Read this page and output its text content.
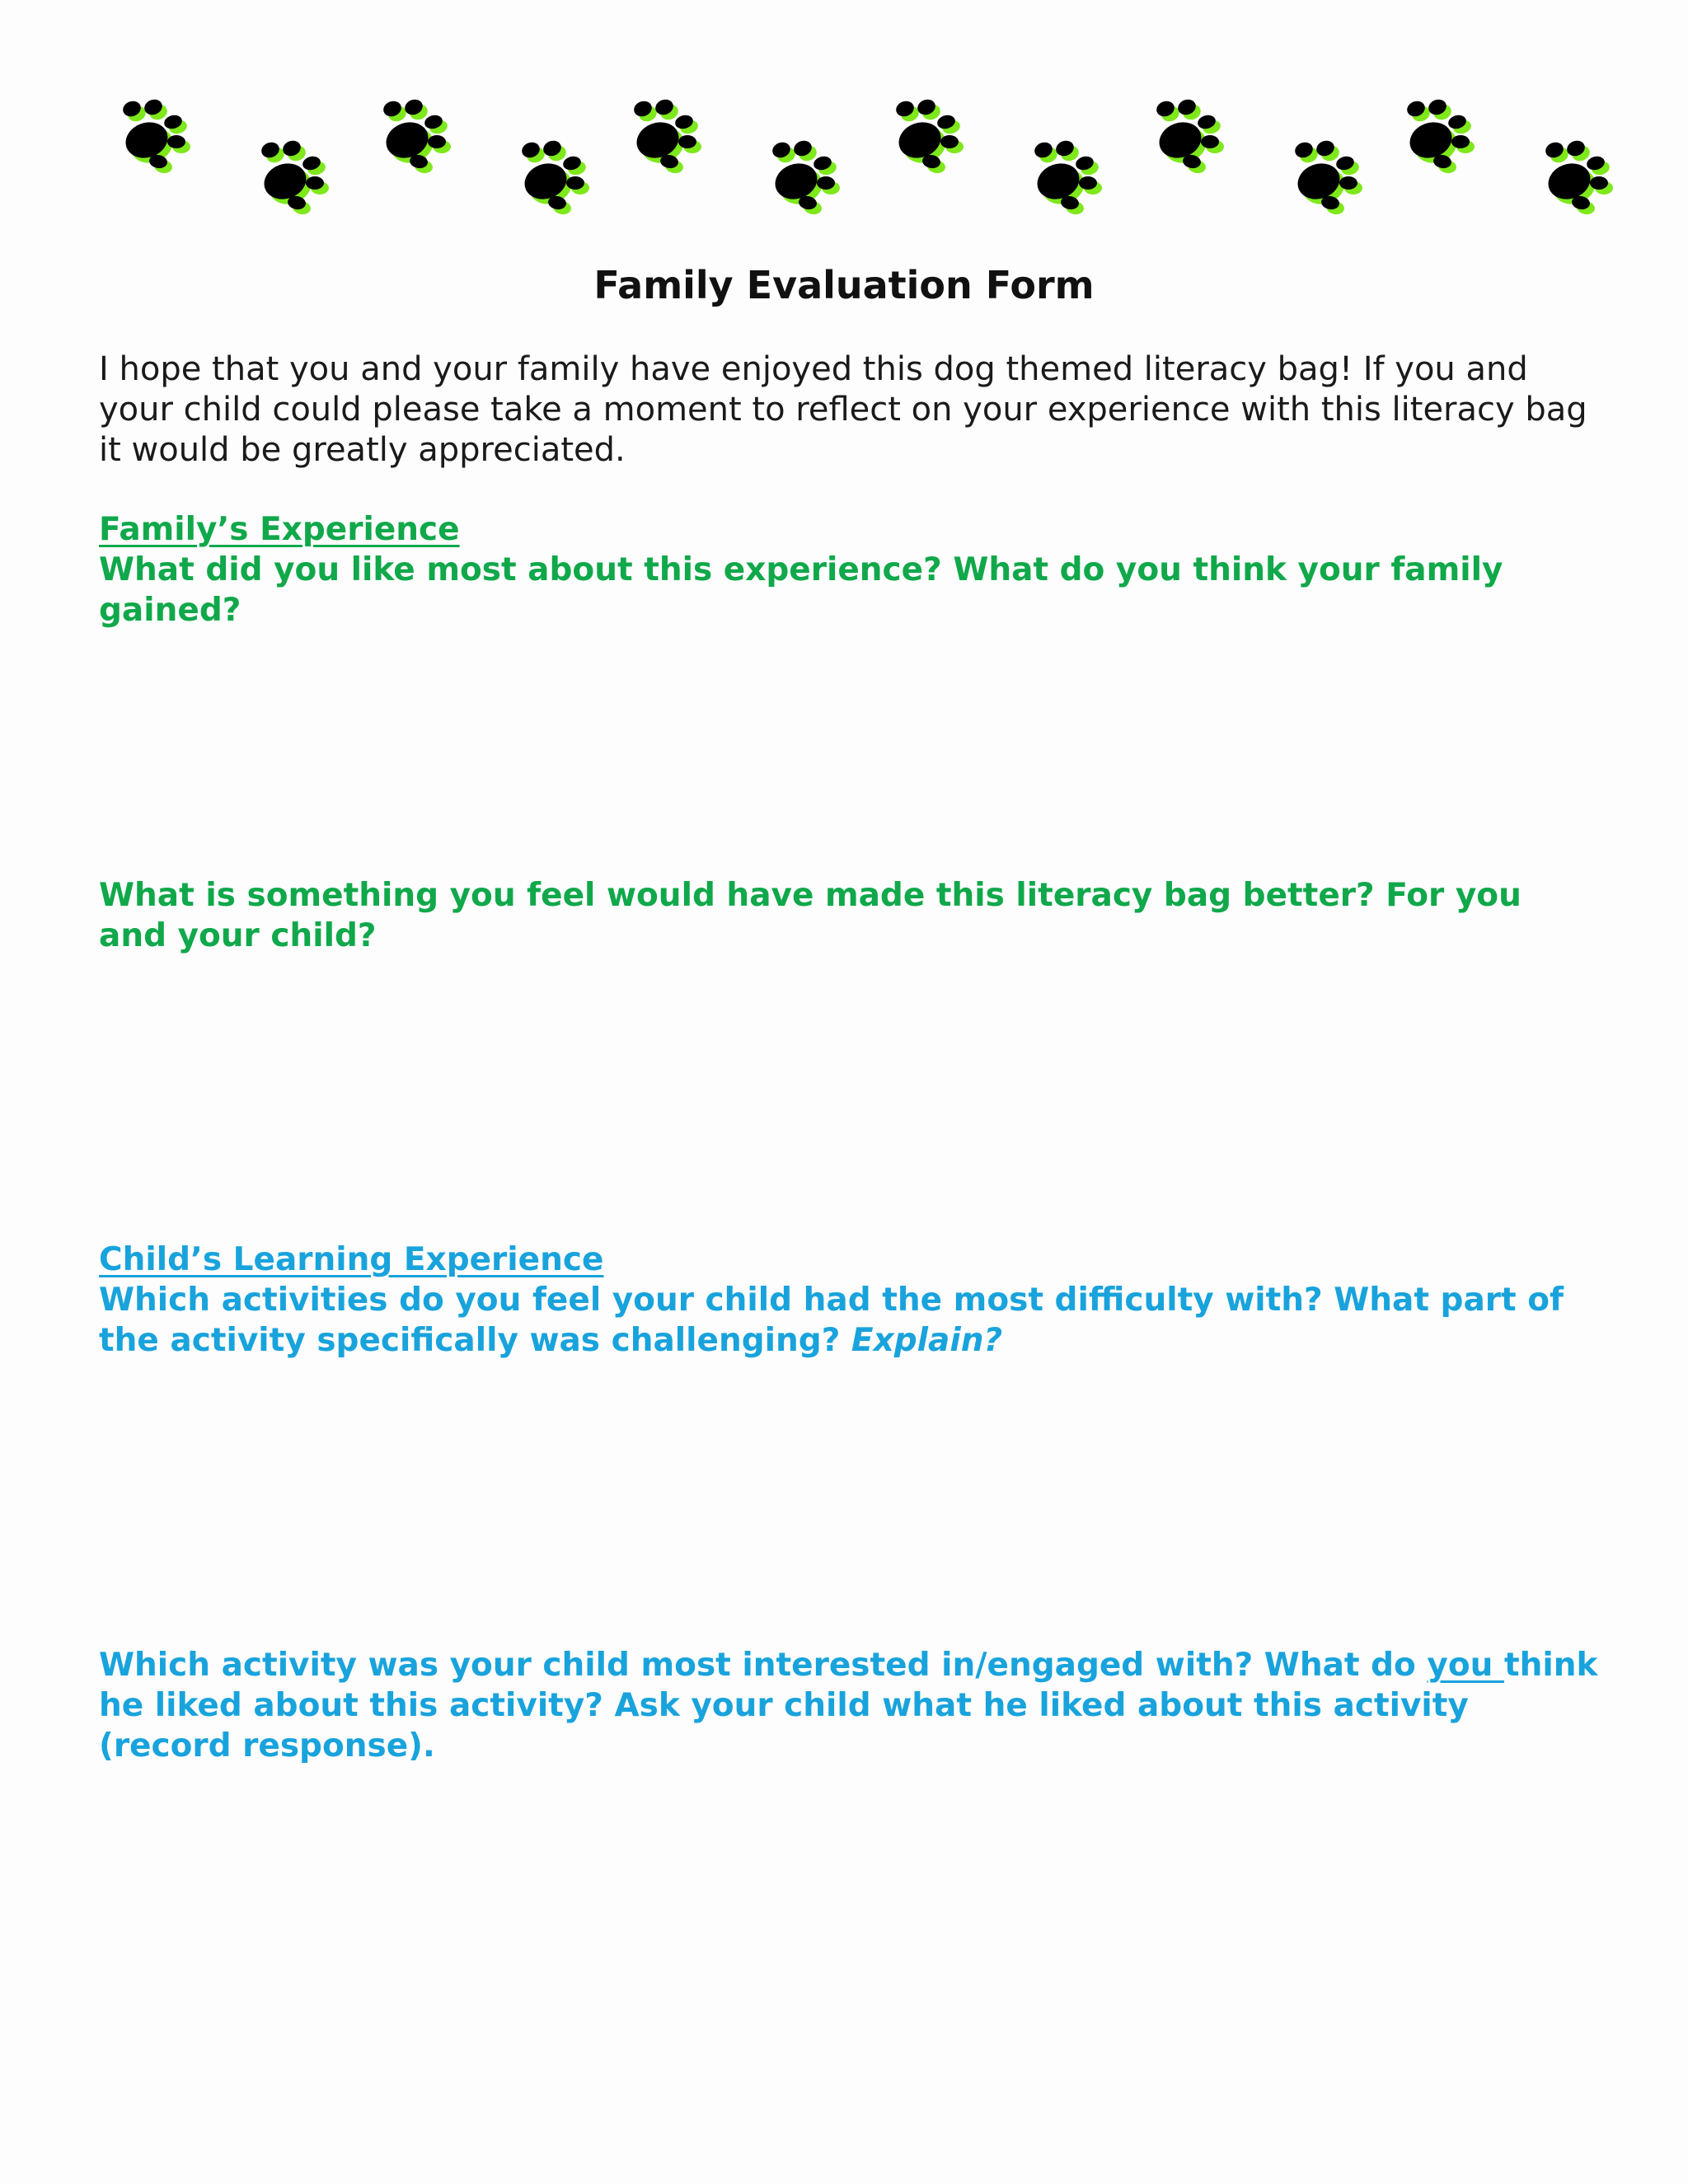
Family Evaluation Form
I hope that you and your family have enjoyed this dog themed literacy bag! If you and your child could please take a moment to reflect on your experience with this literacy bag it would be greatly appreciated.
Family’s Experience
What did you like most about this experience? What do you think your family gained?
What is something you feel would have made this literacy bag better? For you and your child?
Child’s Learning Experience
Which activities do you feel your child had the most difficulty with? What part of the activity specifically was challenging? Explain?
Which activity was your child most interested in/engaged with? What do you think he liked about this activity? Ask your child what he liked about this activity (record response).
